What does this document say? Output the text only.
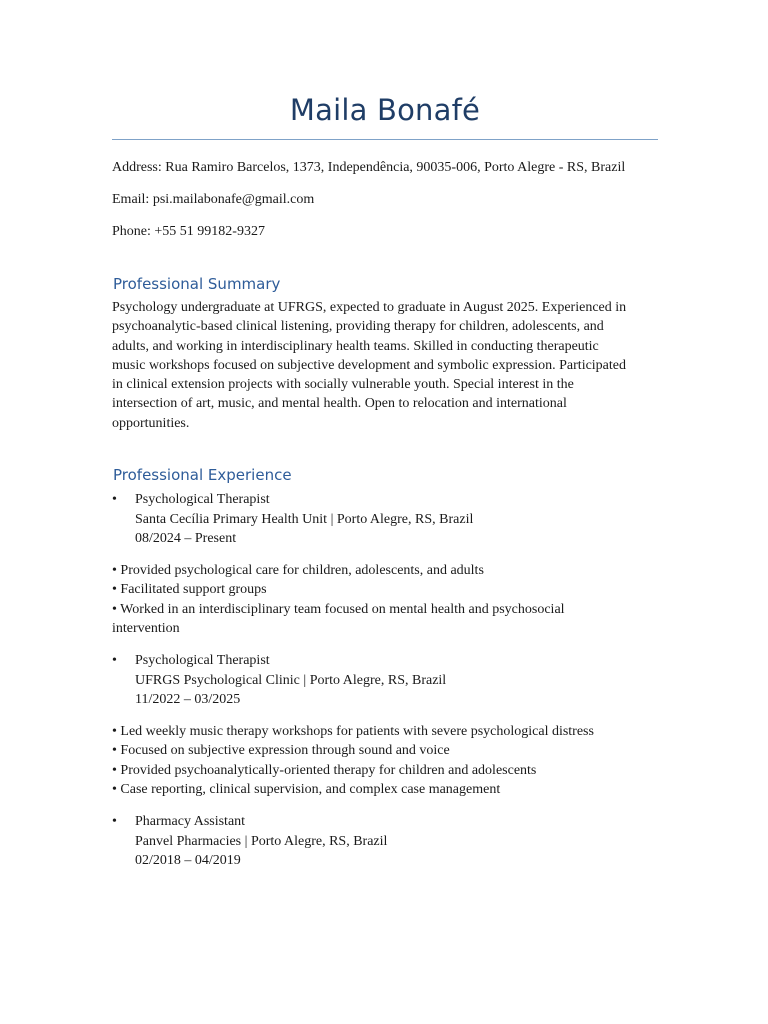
Maila Bonafé
Address: Rua Ramiro Barcelos, 1373, Independência, 90035-006, Porto Alegre - RS, Brazil
Email: psi.mailabonafe@gmail.com
Phone: +55 51 99182-9327
Professional Summary
Psychology undergraduate at UFRGS, expected to graduate in August 2025. Experienced in
psychoanalytic-based clinical listening, providing therapy for children, adolescents, and
adults, and working in interdisciplinary health teams. Skilled in conducting therapeutic
music workshops focused on subjective development and symbolic expression. Participated
in clinical extension projects with socially vulnerable youth. Special interest in the
intersection of art, music, and mental health. Open to relocation and international
opportunities.
Professional Experience
•	Psychological Therapist
Santa Cecília Primary Health Unit | Porto Alegre, RS, Brazil
08/2024 – Present
• Provided psychological care for children, adolescents, and adults
• Facilitated support groups
• Worked in an interdisciplinary team focused on mental health and psychosocial
intervention
•	Psychological Therapist
UFRGS Psychological Clinic | Porto Alegre, RS, Brazil
11/2022 – 03/2025
• Led weekly music therapy workshops for patients with severe psychological distress
• Focused on subjective expression through sound and voice
• Provided psychoanalytically-oriented therapy for children and adolescents
• Case reporting, clinical supervision, and complex case management
•	Pharmacy Assistant
Panvel Pharmacies | Porto Alegre, RS, Brazil
02/2018 – 04/2019
